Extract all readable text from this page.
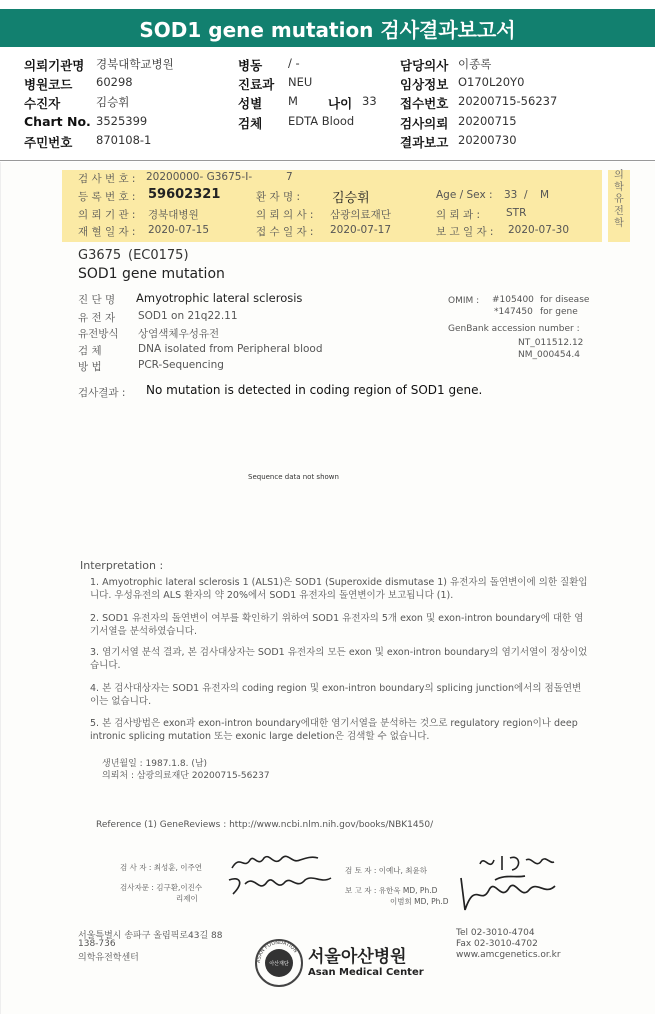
SOD1 gene mutation 검사결과보고서
의뢰기관명 경북대학교병원	병동 / -	담당의사 이종록
병원코드 60298	진료과 NEU	임상정보 O170L20Y0
수진자	김승휘	성별 M 나이 33 접수번호 20200715-56237
Chart No. 3525399	검체 EDTA Blood	검사의뢰 20200715
주민번호 870108-1	결과보고 20200730
의
학
유
전
학
검 사 번 호 : 20200000- G3675-I-	7
등 록 번 호 : 59602321	환 자 명 : 김승휘	Age / Sex : 33 / M
의 뢰 기 관 : 경북대병원	의 뢰 의 사 : 삼광의료재단	의 뢰 과 : STR
재 혈 일 자 : 2020-07-15	접 수 일 자 : 2020-07-17	보 고 일 자 : 2020-07-30
G3675 (EC0175)
SOD1 gene mutation
진 단 명 Amyotrophic lateral sclerosis
유 전 자 SOD1 on 21q22.11
유전방식 상염색체우성유전
검 체	DNA isolated from Peripheral blood
방 법	PCR-Sequencing
OMIM : #105400 for disease
*147450 for gene
GenBank accession number :
NT_011512.12
NM_000454.4
검사결과 : No mutation is detected in coding region of SOD1 gene.
Sequence data not shown
Interpretation :
1. Amyotrophic lateral sclerosis 1 (ALS1)은 SOD1 (Superoxide dismutase 1) 유전자의 돌연변이에 의한 질환입니다. 우성유전의 ALS 환자의 약 20%에서 SOD1 유전자의 돌연변이가 보고됩니다 (1).
2. SOD1 유전자의 돌연변이 여부를 확인하기 위하여 SOD1 유전자의 5개 exon 및 exon-intron boundary에 대한 염기서열을 분석하였습니다.
3. 염기서열 분석 결과, 본 검사대상자는 SOD1 유전자의 모든 exon 및 exon-intron boundary의 염기서열이 정상이었습니다.
4. 본 검사대상자는 SOD1 유전자의 coding region 및 exon-intron boundary의 splicing junction에서의 점돌연변이는 없습니다.
5. 본 검사방법은 exon과 exon-intron boundary에대한 염기서열을 분석하는 것으로 regulatory region이나 deep intronic splicing mutation 또는 exonic large deletion은 검색할 수 없습니다.
생년월일 : 1987.1.8. (남)
의뢰처 : 삼광의료재단 20200715-56237
Reference (1) GeneReviews : http://www.ncbi.nlm.nih.gov/books/NBK1450/
검 사 자 : 최성훈, 이주연	검 토 자 : 이예나, 최윤하
검사자문 : 김구환,이진수
리제이
보 고 자 : 유한욱 MD, Ph.D
이범희 MD, Ph.D
서울특별시 송파구 올림픽로43길 88
138-736
의학유전학센터	ASAN FOUNDATION
아산재단 서울아산병원
Asan Medical Center
Tel 02-3010-4704
Fax 02-3010-4702
www.amcgenetics.or.kr
